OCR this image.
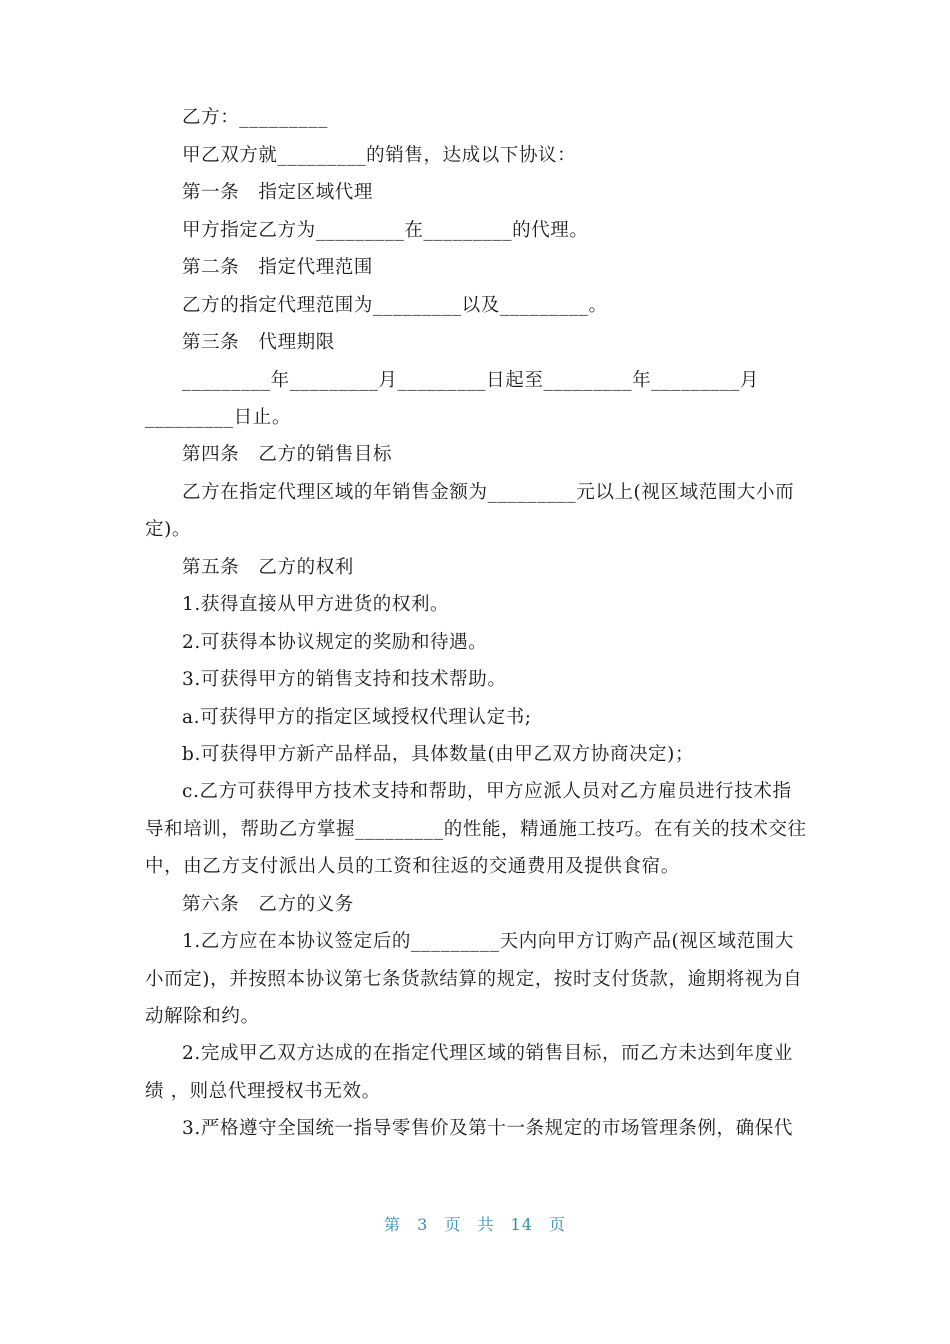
乙方：_________
甲乙双方就_________的销售，达成以下协议：
第一条　指定区域代理
甲方指定乙方为_________在_________的代理。
第二条　指定代理范围
乙方的指定代理范围为_________以及_________。
第三条　代理期限
_________年_________月_________日起至_________年_________月
_________日止。
第四条　乙方的销售目标
乙方在指定代理区域的年销售金额为_________元以上(视区域范围大小而
定)。
第五条　乙方的权利
1.获得直接从甲方进货的权利。
2.可获得本协议规定的奖励和待遇。
3.可获得甲方的销售支持和技术帮助。
a.可获得甲方的指定区域授权代理认定书;
b.可获得甲方新产品样品，具体数量(由甲乙双方协商决定)；
c.乙方可获得甲方技术支持和帮助，甲方应派人员对乙方雇员进行技术指
导和培训，帮助乙方掌握_________的性能，精通施工技巧。在有关的技术交往
中，由乙方支付派出人员的工资和往返的交通费用及提供食宿。
第六条　乙方的义务
1.乙方应在本协议签定后的_________天内向甲方订购产品(视区域范围大
小而定)，并按照本协议第七条货款结算的规定，按时支付货款，逾期将视为自
动解除和约。
2.完成甲乙双方达成的在指定代理区域的销售目标，而乙方未达到年度业
绩 ，则总代理授权书无效。
3.严格遵守全国统一指导零售价及第十一条规定的市场管理条例，确保代
第 3 页 共 14 页
